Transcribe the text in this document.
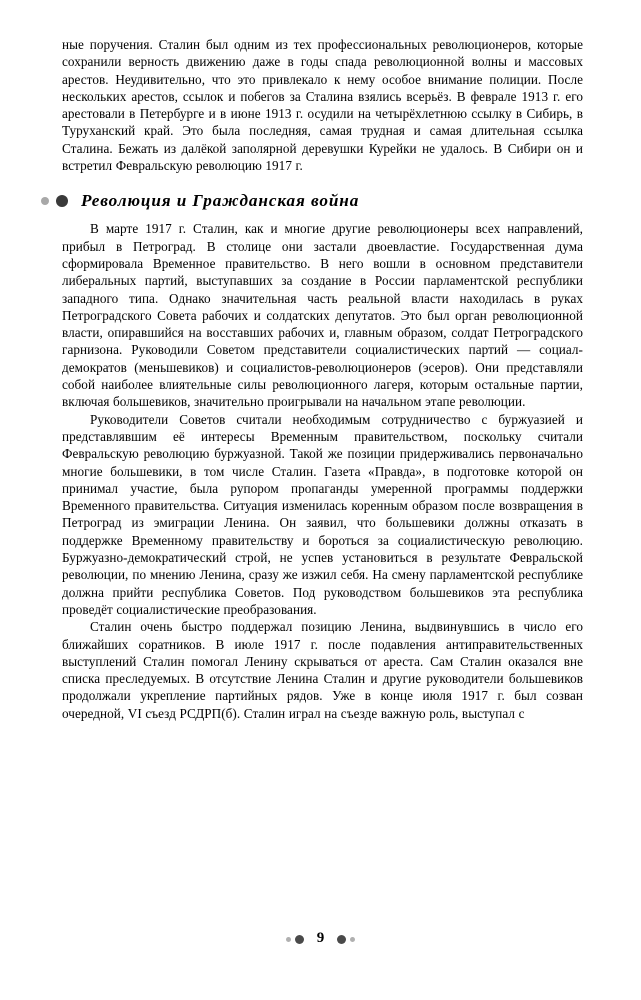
ные поручения. Сталин был одним из тех профессиональных революционеров, которые сохранили верность движению даже в годы спада революционной волны и массовых арестов. Неудивительно, что это привлекало к нему особое внимание полиции. После нескольких арестов, ссылок и побегов за Сталина взялись всерьёз. В феврале 1913 г. его арестовали в Петербурге и в июне 1913 г. осудили на четырёхлетнюю ссылку в Сибирь, в Туруханский край. Это была последняя, самая трудная и самая длительная ссылка Сталина. Бежать из далёкой заполярной деревушки Курейки не удалось. В Сибири он и встретил Февральскую революцию 1917 г.

Революция и Гражданская война

В марте 1917 г. Сталин, как и многие другие революционеры всех направлений, прибыл в Петроград. В столице они застали двоевластие. Государственная дума сформировала Временное правительство. В него вошли в основном представители либеральных партий, выступавших за создание в России парламентской республики западного типа. Однако значительная часть реальной власти находилась в руках Петроградского Совета рабочих и солдатских депутатов. Это был орган революционной власти, опиравшийся на восставших рабочих и, главным образом, солдат Петроградского гарнизона. Руководили Советом представители социалистических партий — социал-демократов (меньшевиков) и социалистов-революционеров (эсеров). Они представляли собой наиболее влиятельные силы революционного лагеря, которым остальные партии, включая большевиков, значительно проигрывали на начальном этапе революции.

Руководители Советов считали необходимым сотрудничество с буржуазией и представлявшим её интересы Временным правительством, поскольку считали Февральскую революцию буржуазной. Такой же позиции придерживались первоначально многие большевики, в том числе Сталин. Газета «Правда», в подготовке которой он принимал участие, была рупором пропаганды умеренной программы поддержки Временного правительства. Ситуация изменилась коренным образом после возвращения в Петроград из эмиграции Ленина. Он заявил, что большевики должны отказать в поддержке Временному правительству и бороться за социалистическую революцию. Буржуазно-демократический строй, не успев установиться в результате Февральской революции, по мнению Ленина, сразу же изжил себя. На смену парламентской республике должна прийти республика Советов. Под руководством большевиков эта республика проведёт социалистические преобразования.

Сталин очень быстро поддержал позицию Ленина, выдвинувшись в число его ближайших соратников. В июле 1917 г. после подавления антиправительственных выступлений Сталин помогал Ленину скрываться от ареста. Сам Сталин оказался вне списка преследуемых. В отсутствие Ленина Сталин и другие руководители большевиков продолжали укрепление партийных рядов. Уже в конце июля 1917 г. был созван очередной, VI съезд РСДРП(б). Сталин играл на съезде важную роль, выступал с

9
